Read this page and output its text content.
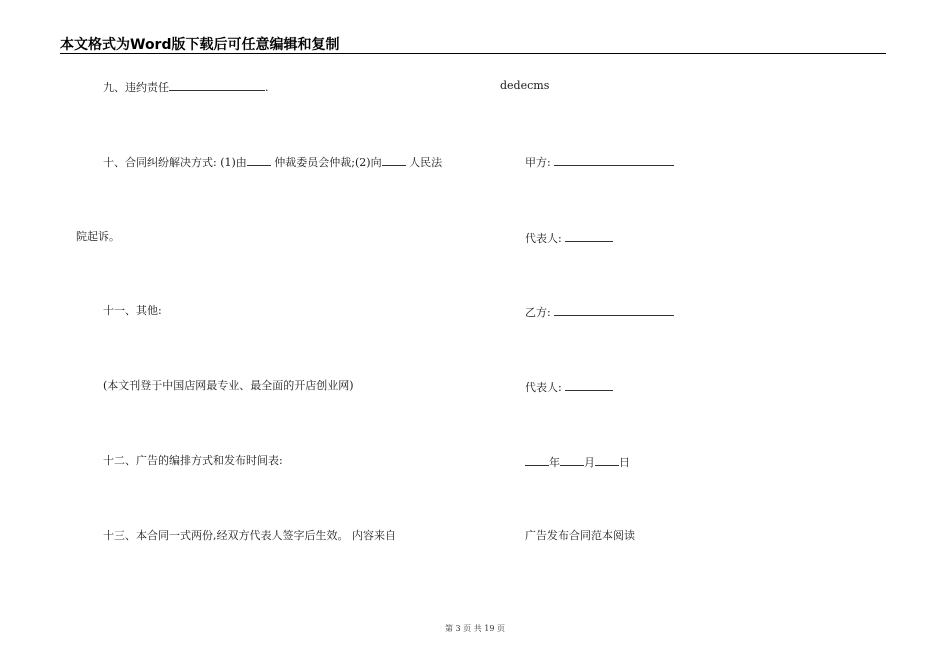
本文格式为Word版下载后可任意编辑和复制
九、违约责任	.
十、合同纠纷解决方式: (1)由	仲裁委员会仲裁;(2)向	人民法
院起诉。
十一、其他:
(本文刊登于中国店网最专业、最全面的开店创业网)
十二、广告的编排方式和发布时间表:
十三、本合同一式两份,经双方代表人签字后生效。 内容来自
dedecms
甲方:
代表人:
乙方:
代表人:
年 月 日
广告发布合同范本阅读
第 3 页 共 19 页
